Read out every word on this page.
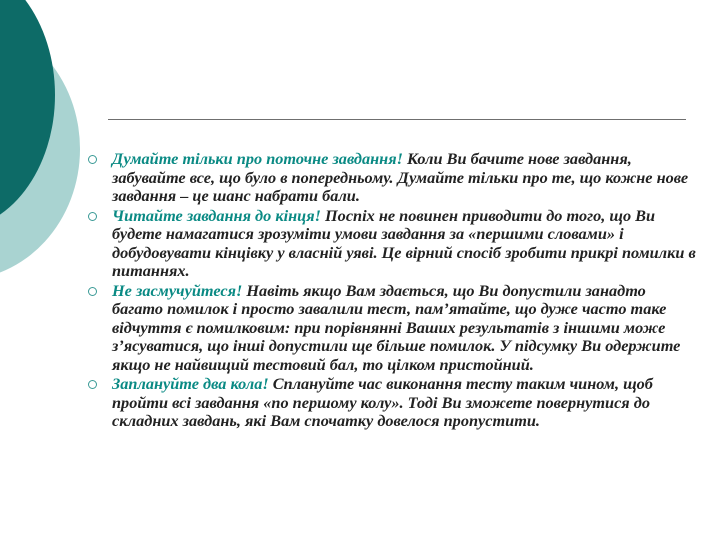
Думайте тільки про поточне завдання! Коли Ви бачите нове завдання, забувайте все, що було в попередньому. Думайте тільки про те, що кожне нове завдання – це шанс набрати бали.
Читайте завдання до кінця! Поспіх не повинен приводити до того, що Ви будете намагатися зрозуміти умови завдання за «першими словами» і добудовувати кінцівку у власній уяві. Це вірний спосіб зробити прикрі помилки в питаннях.
Не засмучуйтеся! Навіть якщо Вам здається, що Ви допустили занадто багато помилок і просто завалили тест, пам’ятайте, що дуже часто таке відчуття є помилковим: при порівнянні Ваших результатів з іншими може з’ясуватися, що інші допустили ще більше помилок. У підсумку Ви одержите якщо не найвищий тестовий бал, то цілком пристойний.
Заплануйте два кола! Сплануйте час виконання тесту таким чином, щоб пройти всі завдання «по першому колу». Тоді Ви зможете повернутися до складних завдань, які Вам спочатку довелося пропустити.
